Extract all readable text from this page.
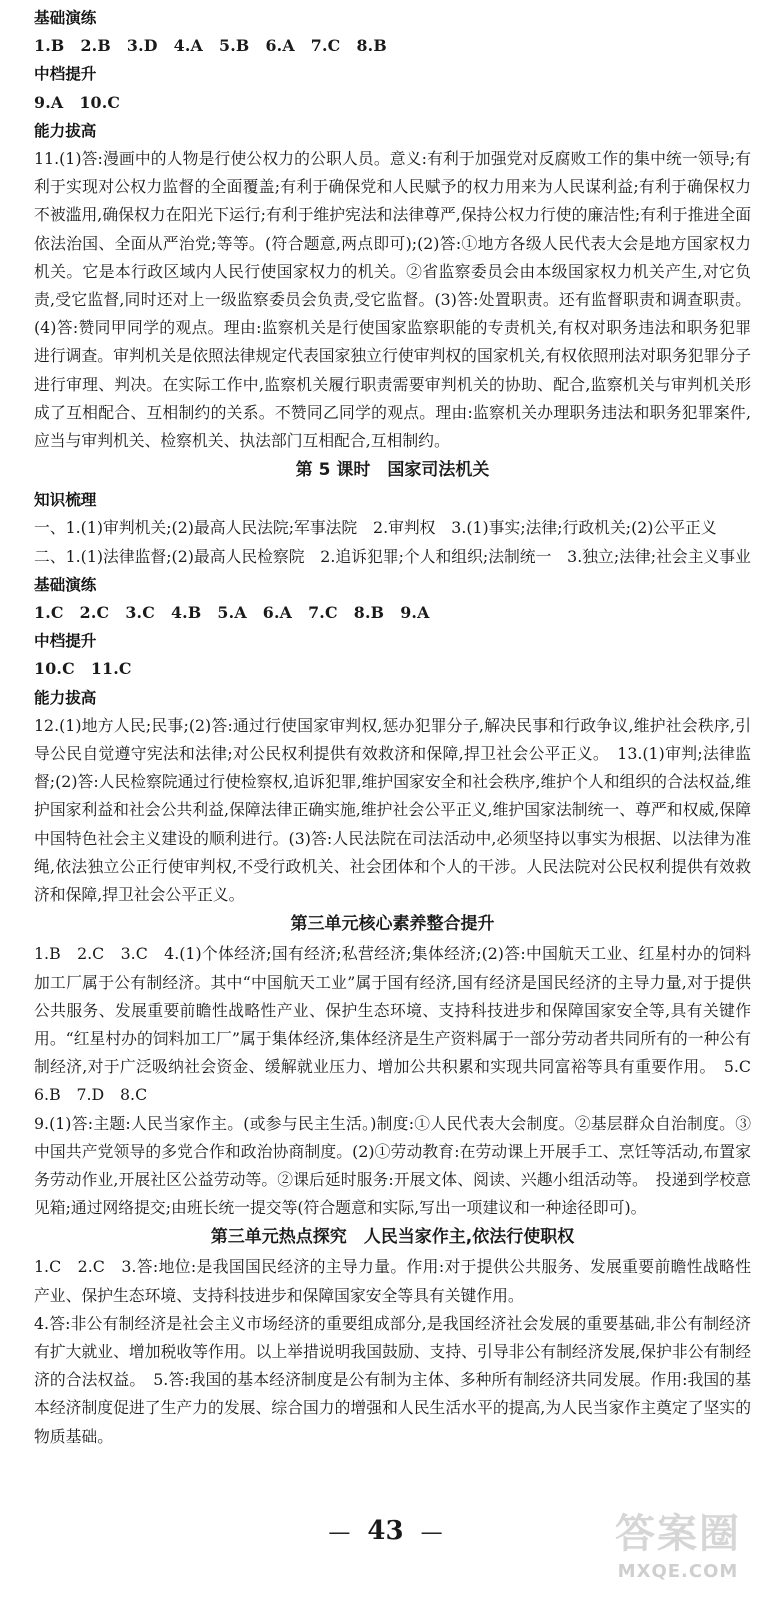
基础演练
1.B　2.B　3.D　4.A　5.B　6.A　7.C　8.B
中档提升
9.A　10.C
能力拔高
11.(1)答:漫画中的人物是行使公权力的公职人员。意义:有利于加强党对反腐败工作的集中统一领导;有利于实现对公权力监督的全面覆盖;有利于确保党和人民赋予的权力用来为人民谋利益;有利于确保权力不被滥用,确保权力在阳光下运行;有利于维护宪法和法律尊严,保持公权力行使的廉洁性;有利于推进全面依法治国、全面从严治党;等等。(符合题意,两点即可);(2)答:①地方各级人民代表大会是地方国家权力机关。它是本行政区域内人民行使国家权力的机关。②省监察委员会由本级国家权力机关产生,对它负责,受它监督,同时还对上一级监察委员会负责,受它监督。(3)答:处置职责。还有监督职责和调查职责。(4)答:赞同甲同学的观点。理由:监察机关是行使国家监察职能的专责机关,有权对职务违法和职务犯罪进行调查。审判机关是依照法律规定代表国家独立行使审判权的国家机关,有权依照刑法对职务犯罪分子进行审理、判决。在实际工作中,监察机关履行职责需要审判机关的协助、配合,监察机关与审判机关形成了互相配合、互相制约的关系。不赞同乙同学的观点。理由:监察机关办理职务违法和职务犯罪案件,应当与审判机关、检察机关、执法部门互相配合,互相制约。
第 5 课时　国家司法机关
知识梳理
一、1.(1)审判机关;(2)最高人民法院;军事法院　2.审判权　3.(1)事实;法律;行政机关;(2)公平正义
二、1.(1)法律监督;(2)最高人民检察院　2.追诉犯罪;个人和组织;法制统一　3.独立;法律;社会主义事业
基础演练
1.C　2.C　3.C　4.B　5.A　6.A　7.C　8.B　9.A
中档提升
10.C　11.C
能力拔高
12.(1)地方人民;民事;(2)答:通过行使国家审判权,惩办犯罪分子,解决民事和行政争议,维护社会秩序,引导公民自觉遵守宪法和法律;对公民权利提供有效救济和保障,捍卫社会公平正义。　13.(1)审判;法律监督;(2)答:人民检察院通过行使检察权,追诉犯罪,维护国家安全和社会秩序,维护个人和组织的合法权益,维护国家利益和社会公共利益,保障法律正确实施,维护社会公平正义,维护国家法制统一、尊严和权威,保障中国特色社会主义建设的顺利进行。(3)答:人民法院在司法活动中,必须坚持以事实为根据、以法律为准绳,依法独立公正行使审判权,不受行政机关、社会团体和个人的干涉。人民法院对公民权利提供有效救济和保障,捍卫社会公平正义。
第三单元核心素养整合提升
1.B　2.C　3.C　4.(1)个体经济;国有经济;私营经济;集体经济;(2)答:中国航天工业、红星村办的饲料加工厂属于公有制经济。其中“中国航天工业”属于国有经济,国有经济是国民经济的主导力量,对于提供公共服务、发展重要前瞻性战略性产业、保护生态环境、支持科技进步和保障国家安全等,具有关键作用。“红星村办的饲料加工厂”属于集体经济,集体经济是生产资料属于一部分劳动者共同所有的一种公有制经济,对于广泛吸纳社会资金、缓解就业压力、增加公共积累和实现共同富裕等具有重要作用。　5.C　6.B　7.D　8.C
9.(1)答:主题:人民当家作主。(或参与民主生活。)制度:①人民代表大会制度。②基层群众自治制度。③中国共产党领导的多党合作和政治协商制度。(2)①劳动教育:在劳动课上开展手工、烹饪等活动,布置家务劳动作业,开展社区公益劳动等。②课后延时服务:开展文体、阅读、兴趣小组活动等。　投递到学校意见箱;通过网络提交;由班长统一提交等(符合题意和实际,写出一项建议和一种途径即可)。
第三单元热点探究　人民当家作主,依法行使职权
1.C　2.C　3.答:地位:是我国国民经济的主导力量。作用:对于提供公共服务、发展重要前瞻性战略性产业、保护生态环境、支持科技进步和保障国家安全等具有关键作用。
4.答:非公有制经济是社会主义市场经济的重要组成部分,是我国经济社会发展的重要基础,非公有制经济有扩大就业、增加税收等作用。以上举措说明我国鼓励、支持、引导非公有制经济发展,保护非公有制经济的合法权益。　5.答:我国的基本经济制度是公有制为主体、多种所有制经济共同发展。作用:我国的基本经济制度促进了生产力的发展、综合国力的增强和人民生活水平的提高,为人民当家作主奠定了坚实的物质基础。
— 43 —	答案圈
MXQE.COM
